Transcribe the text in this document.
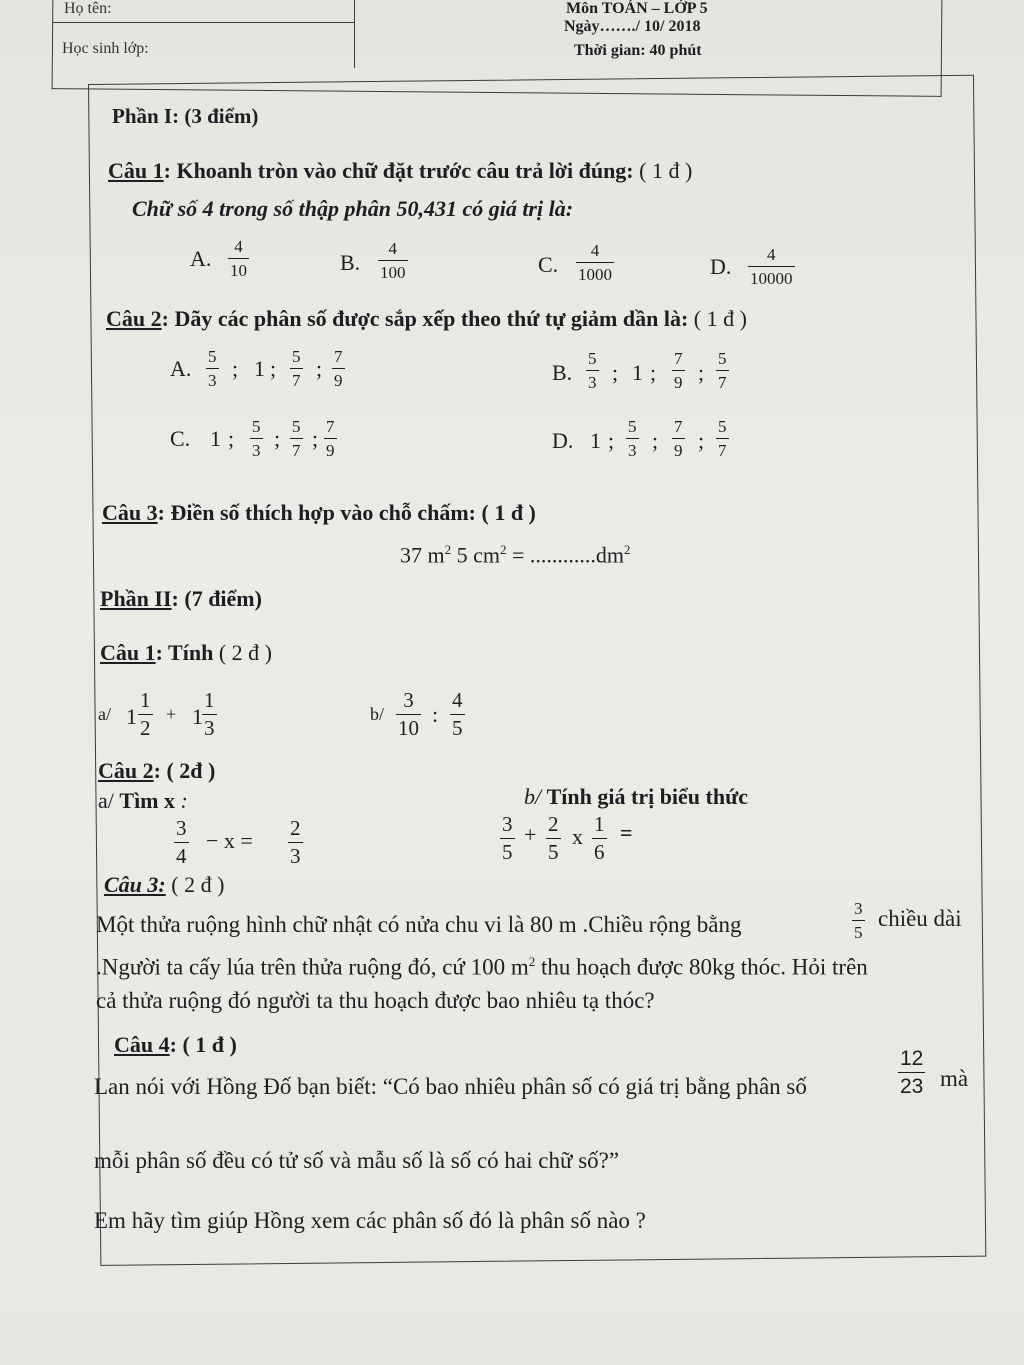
Họ tên:
Học sinh lớp:
Môn TOÁN – LỚP 5
Ngày……./ 10/ 2018
Thời gian: 40 phút
Phần I: (3 điểm)
Câu 1: Khoanh tròn vào chữ đặt trước câu trả lời đúng: ( 1 đ )
Chữ số 4 trong số thập phân 50,431 có giá trị là:
A. $\frac{4}{10}$	B. $\frac{4}{100}$	C. $\frac{4}{1000}$	D. $\frac{4}{10000}$
Câu 2: Dãy các phân số được sắp xếp theo thứ tự giảm dần là: ( 1 đ )
A. $\frac{5}{3}$ ; 1 ; $\frac{5}{7}$ ; $\frac{7}{9}$	B. $\frac{5}{3}$ ; 1 ; $\frac{7}{9}$ ; $\frac{5}{7}$
C. 1 ; $\frac{5}{3}$ ; $\frac{5}{7}$ ; $\frac{7}{9}$	D. 1 ; $\frac{5}{3}$ ; $\frac{7}{9}$ ; $\frac{5}{7}$
Câu 3: Điền số thích hợp vào chỗ chấm: ( 1 đ )
37 $m^2$ 5 $cm^2 = ............dm^2$
Phần II: (7 điểm)
Câu 1: Tính ( 2 đ )
a/ $1 \frac{1}{2} + 1 \frac{1}{3}$	$b/ \frac{3}{10}$ : $\frac{4}{5}$
Câu 2: ( 2đ )
a/ Tìm x :
$\frac{3}{4} - x = \frac{2}{3}$
b/ Tính giá trị biểu thức
$\frac{3}{5} + \frac{2}{5}$ x $\frac{1}{6}$ =
Câu 3: ( 2 đ )
Một thửa ruộng hình chữ nhật có nửa chu vi là 80 m .Chiều rộng bằng	$\frac{3}{5}$ chiều dài
.Người ta cấy lúa trên thửa ruộng đó, cứ 100 $m^2$ thu hoạch được 80kg thóc. Hỏi trên
cả thửa ruộng đó người ta thu hoạch được bao nhiêu tạ thóc?
Câu 4: ( 1 đ )
Lan nói với Hồng Đố bạn biết: “Có bao nhiêu phân số có giá trị bằng phân số	$\frac{12}{23}$ mà
mỗi phân số đều có tử số và mẫu số là số có hai chữ số?”
Em hãy tìm giúp Hồng xem các phân số đó là phân số nào ?
